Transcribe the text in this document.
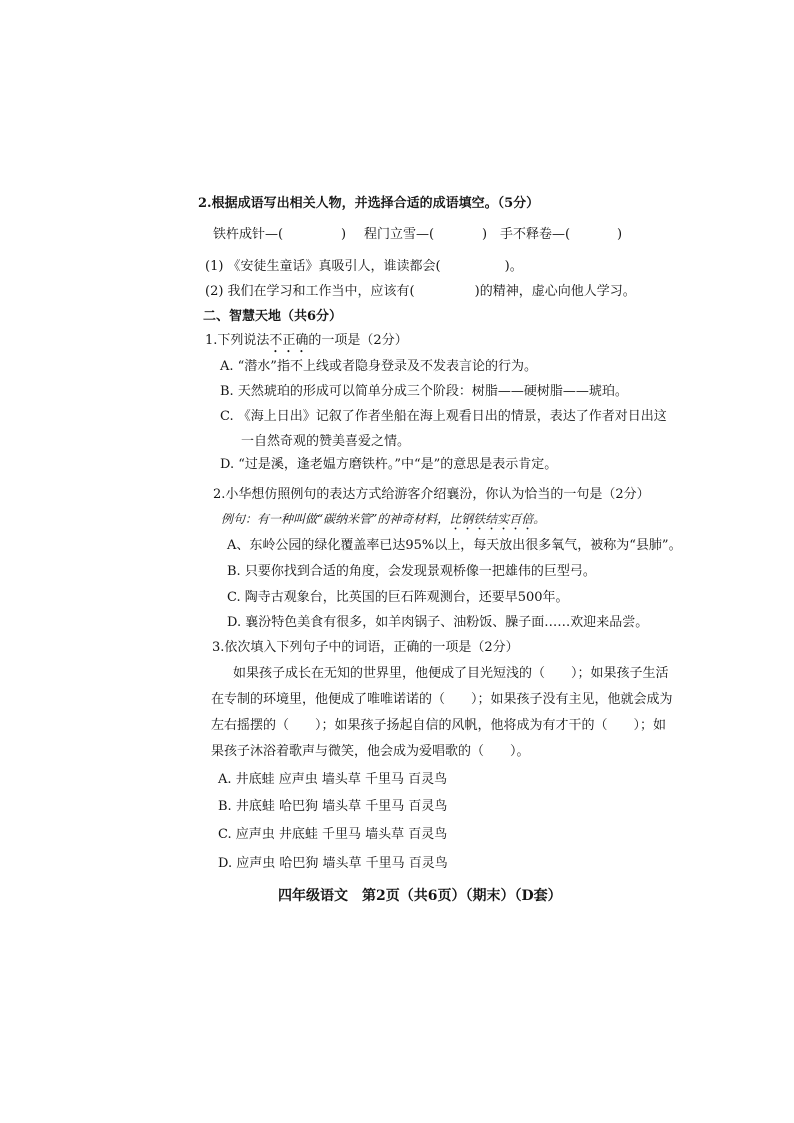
2.根据成语写出相关人物，并选择合适的成语填空。（5分）
铁杵成针—(	) 程门立雪—(	) 手不释卷—(	)
(1) 《安徒生童话》真吸引人，谁读都会(	)。
(2) 我们在学习和工作当中，应该有(	)的精神，虚心向他人学习。
二、智慧天地（共6分）
1.下列说法不正确的一项是（2分）
A. “潜水”指不上线或者隐身登录及不发表言论的行为。
B. 天然琥珀的形成可以简单分成三个阶段：树脂——硬树脂——琥珀。
C. 《海上日出》记叙了作者坐船在海上观看日出的情景，表达了作者对日出这
一自然奇观的赞美喜爱之情。
D. “过是溪，逢老媪方磨铁杵。”中“是”的意思是表示肯定。
2.小华想仿照例句的表达方式给游客介绍襄汾，你认为恰当的一句是（2分）
例句：有一种叫做“碳纳米管”的神奇材料，比钢铁结实百倍。
A、东岭公园的绿化覆盖率已达95%以上，每天放出很多氧气，被称为“县肺”。
B. 只要你找到合适的角度，会发现景观桥像一把雄伟的巨型弓。
C. 陶寺古观象台，比英国的巨石阵观测台，还要早500年。
D. 襄汾特色美食有很多，如羊肉锅子、油粉饭、臊子面……欢迎来品尝。
3.依次填入下列句子中的词语，正确的一项是（2分）
如果孩子成长在无知的世界里，他便成了目光短浅的（　　）；如果孩子生活
在专制的环境里，他便成了唯唯诺诺的（　　）；如果孩子没有主见，他就会成为
左右摇摆的（　　）；如果孩子扬起自信的风帆，他将成为有才干的（　　）；如
果孩子沐浴着歌声与微笑，他会成为爱唱歌的（　　）。
A. 井底蛙 应声虫 墙头草 千里马 百灵鸟
B. 井底蛙 哈巴狗 墙头草 千里马 百灵鸟
C. 应声虫 井底蛙 千里马 墙头草 百灵鸟
D. 应声虫 哈巴狗 墙头草 千里马 百灵鸟
四年级语文　第2页（共6页）（期末）（D套）
